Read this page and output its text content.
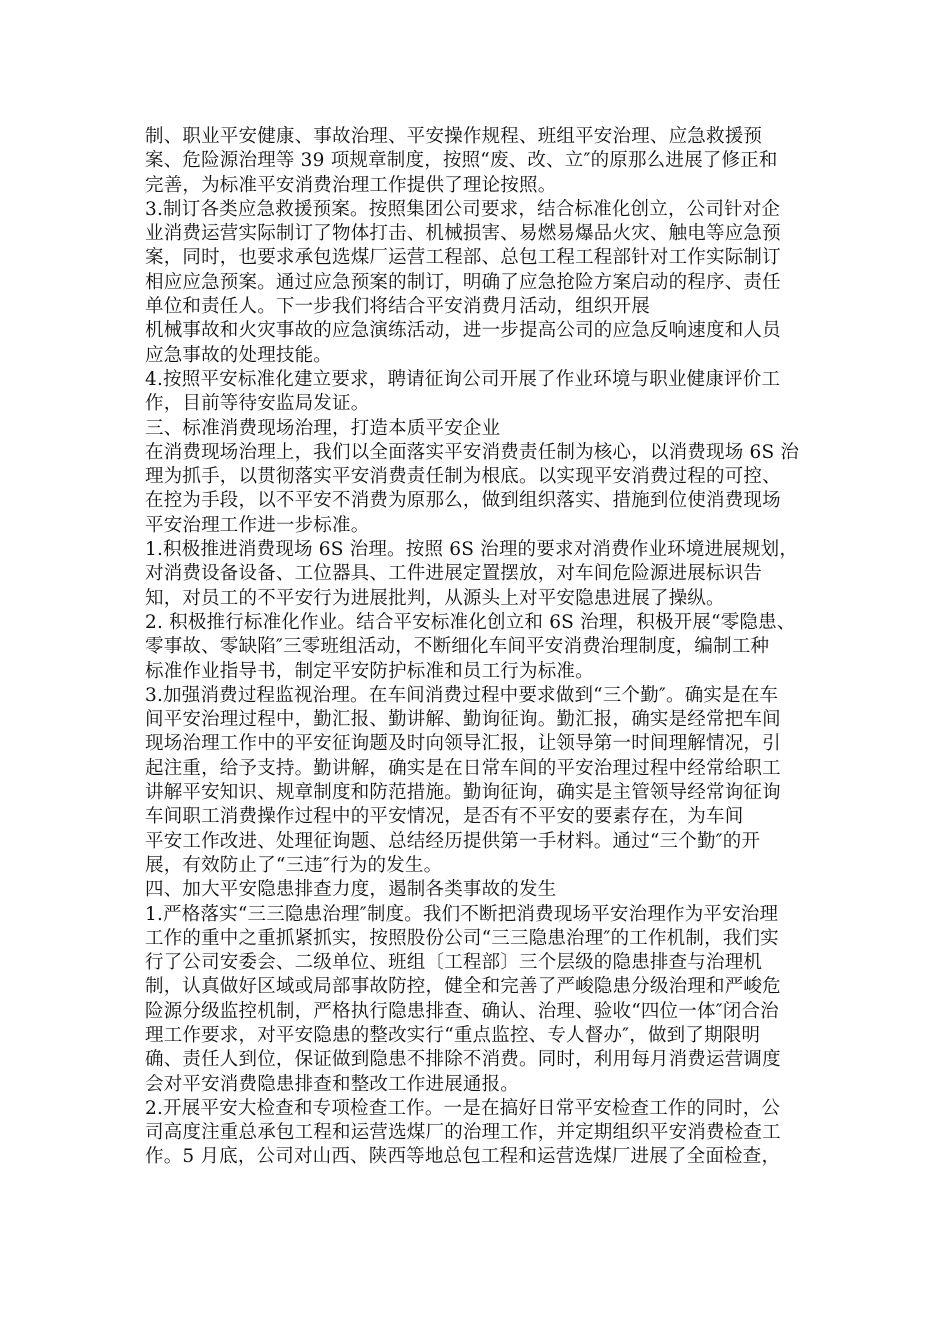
制、职业平安健康、事故治理、平安操作规程、班组平安治理、应急救援预
案、危险源治理等 39 项规章制度，按照“废、改、立″的原那么进展了修正和
完善，为标准平安消费治理工作提供了理论按照。
3.制订各类应急救援预案。按照集团公司要求，结合标准化创立，公司针对企
业消费运营实际制订了物体打击、机械损害、易燃易爆品火灾、触电等应急预
案，同时，也要求承包选煤厂运营工程部、总包工程工程部针对工作实际制订
相应应急预案。通过应急预案的制订，明确了应急抢险方案启动的程序、责任
单位和责任人。下一步我们将结合平安消费月活动，组织开展
机械事故和火灾事故的应急演练活动，进一步提高公司的应急反响速度和人员
应急事故的处理技能。
4.按照平安标准化建立要求，聘请征询公司开展了作业环境与职业健康评价工
作，目前等待安监局发证。
三、标准消费现场治理，打造本质平安企业
在消费现场治理上，我们以全面落实平安消费责任制为核心，以消费现场 6S 治
理为抓手，以贯彻落实平安消费责任制为根底。以实现平安消费过程的可控、
在控为手段，以不平安不消费为原那么，做到组织落实、措施到位使消费现场
平安治理工作进一步标准。
1.积极推进消费现场 6S 治理。按照 6S 治理的要求对消费作业环境进展规划，
对消费设备设备、工位器具、工件进展定置摆放，对车间危险源进展标识告
知，对员工的不平安行为进展批判，从源头上对平安隐患进展了操纵。
2. 积极推行标准化作业。结合平安标准化创立和 6S 治理，积极开展“零隐患、
零事故、零缺陷″三零班组活动，不断细化车间平安消费治理制度，编制工种
标准作业指导书，制定平安防护标准和员工行为标准。
3.加强消费过程监视治理。在车间消费过程中要求做到“三个勤″。确实是在车
间平安治理过程中，勤汇报、勤讲解、勤询征询。勤汇报，确实是经常把车间
现场治理工作中的平安征询题及时向领导汇报，让领导第一时间理解情况，引
起注重，给予支持。勤讲解，确实是在日常车间的平安治理过程中经常给职工
讲解平安知识、规章制度和防范措施。勤询征询，确实是主管领导经常询征询
车间职工消费操作过程中的平安情况，是否有不平安的要素存在，为车间
平安工作改进、处理征询题、总结经历提供第一手材料。通过“三个勤″的开
展，有效防止了“三违″行为的发生。
四、加大平安隐患排查力度，遏制各类事故的发生
1.严格落实“三三隐患治理″制度。我们不断把消费现场平安治理作为平安治理
工作的重中之重抓紧抓实，按照股份公司“三三隐患治理″的工作机制，我们实
行了公司安委会、二级单位、班组〔工程部〕三个层级的隐患排查与治理机
制，认真做好区域或局部事故防控，健全和完善了严峻隐患分级治理和严峻危
险源分级监控机制，严格执行隐患排查、确认、治理、验收“四位一体″闭合治
理工作要求，对平安隐患的整改实行“重点监控、专人督办″，做到了期限明
确、责任人到位，保证做到隐患不排除不消费。同时，利用每月消费运营调度
会对平安消费隐患排查和整改工作进展通报。
2.开展平安大检查和专项检查工作。一是在搞好日常平安检查工作的同时，公
司高度注重总承包工程和运营选煤厂的治理工作，并定期组织平安消费检查工
作。5 月底，公司对山西、陕西等地总包工程和运营选煤厂进展了全面检查，
